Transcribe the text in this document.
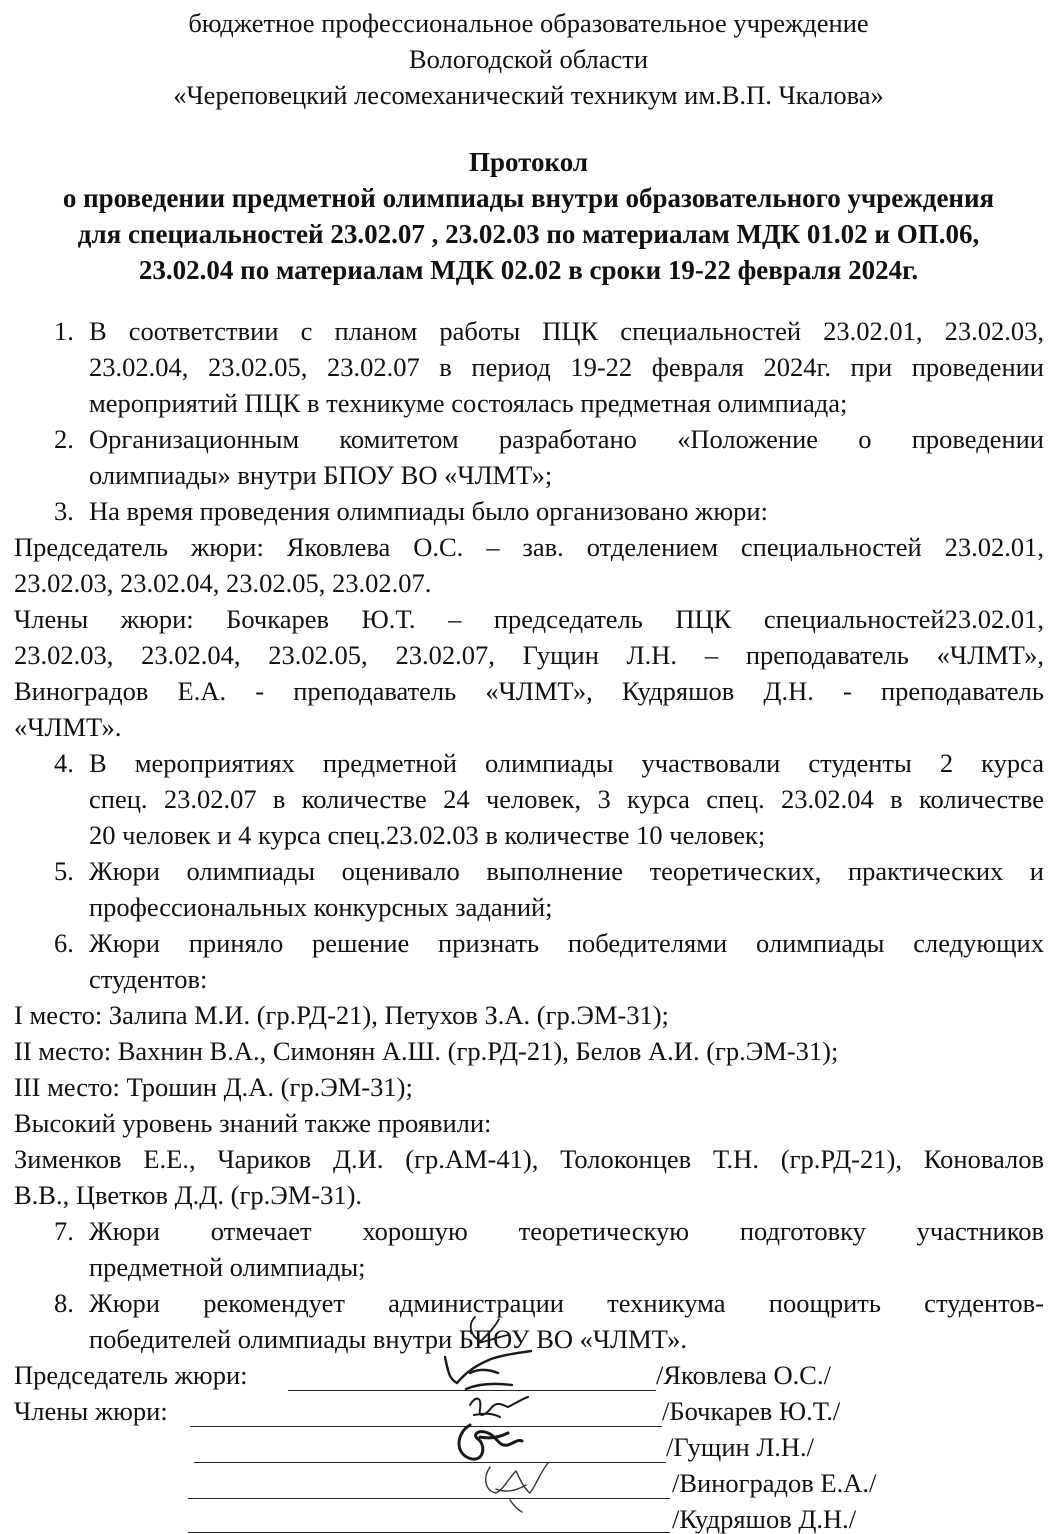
бюджетное профессиональное образовательное учреждение
Вологодской области
«Череповецкий лесомеханический техникум им.В.П. Чкалова»
Протокол
о проведении предметной олимпиады внутри образовательного учреждения
для специальностей 23.02.07 , 23.02.03 по материалам МДК 01.02 и ОП.06,
23.02.04 по материалам МДК 02.02 в сроки 19-22 февраля 2024г.
1. В соответствии с планом работы ПЦК специальностей 23.02.01, 23.02.03,
23.02.04, 23.02.05, 23.02.07 в период 19-22 февраля 2024г. при проведении
мероприятий ПЦК в техникуме состоялась предметная олимпиада;
2. Организационным комитетом разработано «Положение о проведении
олимпиады» внутри БПОУ ВО «ЧЛМТ»;
3. На время проведения олимпиады было организовано жюри:
Председатель жюри: Яковлева О.С. – зав. отделением специальностей 23.02.01,
23.02.03, 23.02.04, 23.02.05, 23.02.07.
Члены жюри: Бочкарев Ю.Т. – председатель ПЦК специальностей23.02.01,
23.02.03, 23.02.04, 23.02.05, 23.02.07, Гущин Л.Н. – преподаватель «ЧЛМТ»,
Виноградов Е.А. - преподаватель «ЧЛМТ», Кудряшов Д.Н. - преподаватель
«ЧЛМТ».
4. В мероприятиях предметной олимпиады участвовали студенты 2 курса
спец. 23.02.07 в количестве 24 человек, 3 курса спец. 23.02.04 в количестве
20 человек и 4 курса спец.23.02.03 в количестве 10 человек;
5. Жюри олимпиады оценивало выполнение теоретических, практических и
профессиональных конкурсных заданий;
6. Жюри приняло решение признать победителями олимпиады следующих
студентов:
I место: Залипа М.И. (гр.РД-21), Петухов З.А. (гр.ЭМ-31);
II место: Вахнин В.А., Симонян А.Ш. (гр.РД-21), Белов А.И. (гр.ЭМ-31);
III место: Трошин Д.А. (гр.ЭМ-31);
Высокий уровень знаний также проявили:
Зименков Е.Е., Чариков Д.И. (гр.АМ-41), Толоконцев Т.Н. (гр.РД-21), Коновалов
В.В., Цветков Д.Д. (гр.ЭМ-31).
7. Жюри отмечает хорошую теоретическую подготовку участников
предметной олимпиады;
8. Жюри рекомендует администрации техникума поощрить студентов-
победителей олимпиады внутри БПОУ ВО «ЧЛМТ».
Председатель жюри:	/Яковлева О.С./
Члены жюри:	/Бочкарев Ю.Т./
/Гущин Л.Н./
/Виноградов Е.А./
/Кудряшов Д.Н./
